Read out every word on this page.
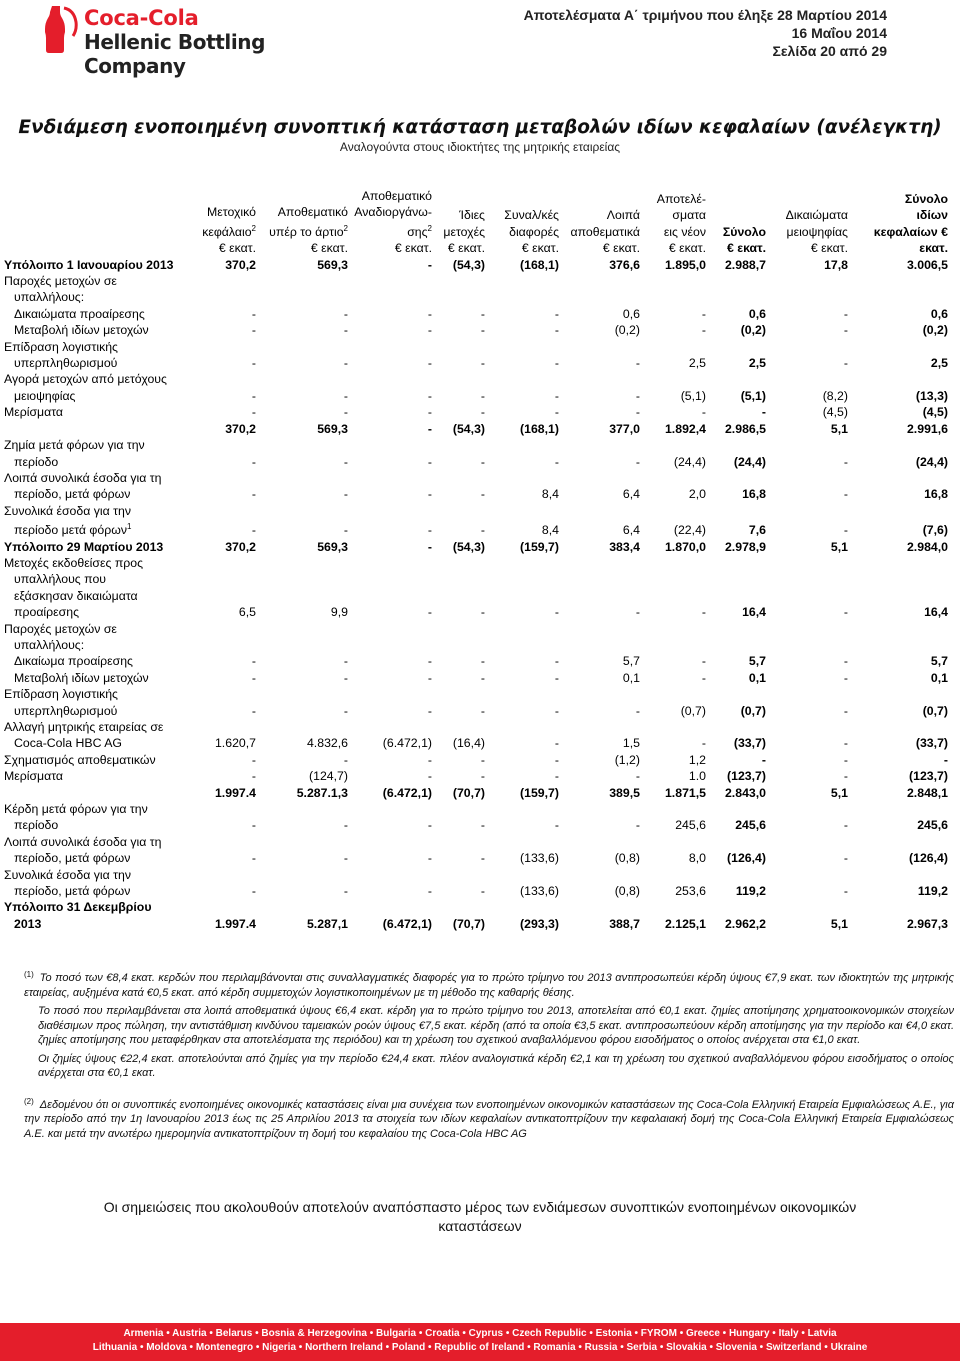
Coca-Cola
Hellenic Bottling Company
Αποτελέσματα Α΄ τριμήνου που έληξε 28 Μαρτίου 2014
16 Μαΐου 2014
Σελίδα 20 από 29
Ενδιάμεση ενοποιημένη συνοπτική κατάσταση μεταβολών ιδίων κεφαλαίων (ανέλεγκτη)
Αναλογούντα στους ιδιοκτήτες της μητρικής εταιρείας

	Μετοχικό
κεφάλαιο$^2$
€ εκατ.	Αποθεματικό
υπέρ το άρτιο$^2$
€ εκατ.	Αποθεματικό
Αναδιοργάνω-
σης$^2$
€ εκατ.	Ίδιες
μετοχές
€ εκατ.	Συναλ/κές
διαφορές
€ εκατ.	Λοιπά
αποθεματικά
€ εκατ.	Αποτελέ-
σματα
εις νέον
€ εκατ.	Σύνολο
€ εκατ.	Δικαιώματα
μειοψηφίας
€ εκατ.	Σύνολο
ιδίων
κεφαλαίων €
εκατ.

Υπόλοιπο 1 Ιανουαρίου 2013	370,2	569,3	-	(54,3)	(168,1)	376,6	1.895,0	2.988,7	17,8	3.006,5
Παροχές μετοχών σε										
υπαλλήλους:										
Δικαιώματα προαίρεσης	-	-	-	-	-	0,6	-	0,6	-	0,6
Μεταβολή ιδίων μετοχών	-	-	-	-	-	(0,2)	-	(0,2)	-	(0,2)
Επίδραση λογιστικής										
υπερπληθωρισμού	-	-	-	-	-	-	2,5	2,5	-	2,5
Αγορά μετοχών από μετόχους										
μειοψηφίας	-	-	-	-	-	-	(5,1)	(5,1)	(8,2)	(13,3)
Μερίσματα	-	-	-	-	-	-	-	-	(4,5)	(4,5)
	370,2	569,3	-	(54,3)	(168,1)	377,0	1.892,4	2.986,5	5,1	2.991,6
Ζημία μετά φόρων για την										
περίοδο	-	-	-	-	-	-	(24,4)	(24,4)	-	(24,4)
Λοιπά συνολικά έσοδα για τη										
περίοδο, μετά φόρων	-	-	-	-	8,4	6,4	2,0	16,8	-	16,8
Συνολικά έσοδα για την										
περίοδο μετά φόρων$^1$	-	-	-	-	8,4	6,4	(22,4)	7,6	-	(7,6)
Υπόλοιπο 29 Μαρτίου 2013	370,2	569,3	-	(54,3)	(159,7)	383,4	1.870,0	2.978,9	5,1	2.984,0
Μετοχές εκδοθείσες προς										
υπαλλήλους που										
εξάσκησαν δικαιώματα										
προαίρεσης	6,5	9,9	-	-	-	-	-	16,4	-	16,4
Παροχές μετοχών σε										
υπαλλήλους:										
Δικαίωμα προαίρεσης	-	-	-	-	-	5,7	-	5,7	-	5,7
Μεταβολή ιδίων μετοχών	-	-	-	-	-	0,1	-	0,1	-	0,1
Επίδραση λογιστικής										
υπερπληθωρισμού	-	-	-	-	-	-	(0,7)	(0,7)	-	(0,7)
Αλλαγή μητρικής εταιρείας σε										
Coca-Cola HBC AG	1.620,7	4.832,6	(6.472,1)	(16,4)	-	1,5	-	(33,7)	-	(33,7)
Σχηματισμός αποθεματικών	-	-	-	-	-	(1,2)	1,2	-	-	-
Μερίσματα	-	(124,7)	-	-	-	-	1.0	(123,7)	-	(123,7)
	1.997.4	5.287.1,3	(6.472,1)	(70,7)	(159,7)	389,5	1.871,5	2.843,0	5,1	2.848,1
Κέρδη μετά φόρων για την										
περίοδο	-	-	-	-	-	-	245,6	245,6	-	245,6
Λοιπά συνολικά έσοδα για τη										
περίοδο, μετά φόρων	-	-	-	-	(133,6)	(0,8)	8,0	(126,4)	-	(126,4)
Συνολικά έσοδα για την										
περίοδο, μετά φόρων	-	-	-	-	(133,6)	(0,8)	253,6	119,2	-	119,2
Υπόλοιπο 31 Δεκεμβρίου										
2013	1.997.4	5.287,1	(6.472,1)	(70,7)	(293,3)	388,7	2.125,1	2.962,2	5,1	2.967,3
$^{(1)}$ Το ποσό των €8,4 εκατ. κερδών που περιλαμβάνονται στις συναλλαγματικές διαφορές για το πρώτο τρίμηνο του 2013 αντιπροσωπεύει κέρδη ύψους €7,9 εκατ. των ιδιοκτητών της μητρικής εταιρείας, αυξημένα κατά €0,5 εκατ. από κέρδη συμμετοχών λογιστικοποιημένων με τη μέθοδο της καθαρής θέσης.
Το ποσό που περιλαμβάνεται στα λοιπά αποθεματικά ύψους €6,4 εκατ. κέρδη για το πρώτο τρίμηνο του 2013, αποτελείται από €0,1 εκατ. ζημίες αποτίμησης χρηματοοικονομικών στοιχείων διαθέσιμων προς πώληση, την αντιστάθμιση κινδύνου ταμειακών ροών ύψους €7,5 εκατ. κέρδη (από τα οποία €3,5 εκατ. αντιπροσωπεύουν κέρδη αποτίμησης για την περίοδο και €4,0 εκατ. ζημίες αποτίμησης που μεταφέρθηκαν στα αποτελέσματα της περιόδου) και τη χρέωση του σχετικού αναβαλλόμενου φόρου εισοδήματος ο οποίος ανέρχεται στα €1,0 εκατ.
Οι ζημίες ύψους €22,4 εκατ. αποτελούνται από ζημίες για την περίοδο €24,4 εκατ. πλέον αναλογιστικά κέρδη €2,1 και τη χρέωση του σχετικού αναβαλλόμενου φόρου εισοδήματος ο οποίος ανέρχεται στα €0,1 εκατ.
$^{(2)}$ Δεδομένου ότι οι συνοπτικές ενοποιημένες οικονομικές καταστάσεις είναι μια συνέχεια των ενοποιημένων οικονομικών καταστάσεων της Coca-Cola Ελληνική Εταιρεία Εμφιαλώσεως Α.Ε., για την περίοδο από την 1η Ιανουαρίου 2013 έως τις 25 Απριλίου 2013 τα στοιχεία των ιδίων κεφαλαίων αντικατοπτρίζουν την κεφαλαιακή δομή της Coca-Cola Ελληνική Εταιρεία Εμφιαλώσεως Α.Ε. και μετά την ανωτέρω ημερομηνία αντικατοπτρίζουν τη δομή του κεφαλαίου της Coca-Cola HBC AG
Οι σημειώσεις που ακολουθούν αποτελούν αναπόσπαστο μέρος των ενδιάμεσων συνοπτικών ενοποιημένων οικονομικών καταστάσεων
Armenia • Austria • Belarus • Bosnia & Herzegovina • Bulgaria • Croatia • Cyprus • Czech Republic • Estonia • FYROM • Greece • Hungary • Italy • Latvia
Lithuania • Moldova • Montenegro • Nigeria • Northern Ireland • Poland • Republic of Ireland • Romania • Russia • Serbia • Slovakia • Slovenia • Switzerland • Ukraine
